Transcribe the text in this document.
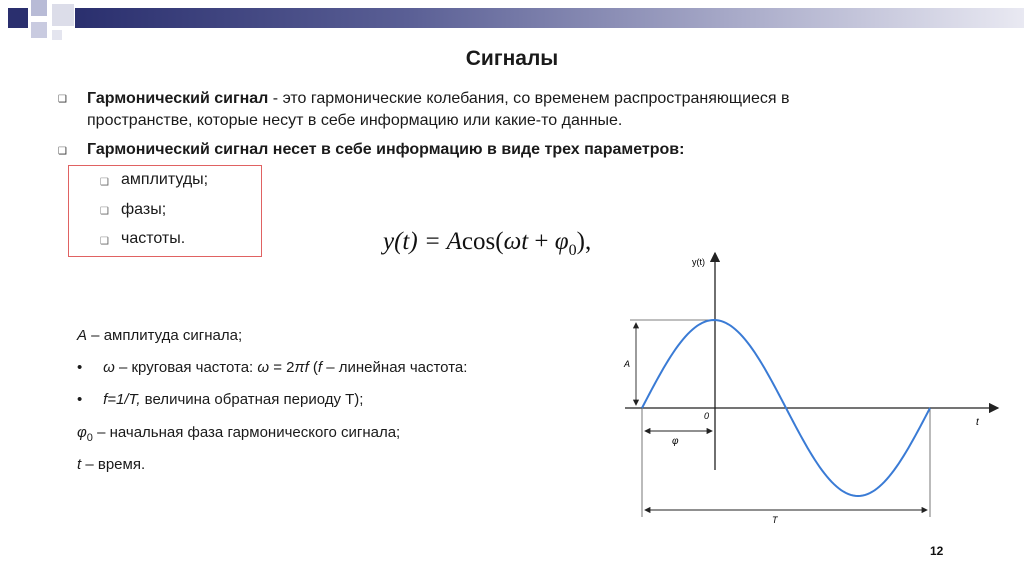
Сигналы
❑ Гармонический сигнал - это гармонические колебания, со временем распространяющиеся в
пространстве, которые несут в себе информацию или какие-то данные.
❑ Гармонический сигнал несет в себе информацию в виде трех параметров:
❑ амплитуды;
❑ фазы;
❑ частоты.	$y(t) = Acos(\omega t + \varphi_0)$,
A – амплитуда сигнала;
• ω – круговая частота: ω = 2πf (f – линейная частота:
• f=1/T, величина обратная периоду Т);
$\varphi_0$ – начальная фаза гармонического сигнала;
t – время.
y(t)
t
0
A
φ
T
12
